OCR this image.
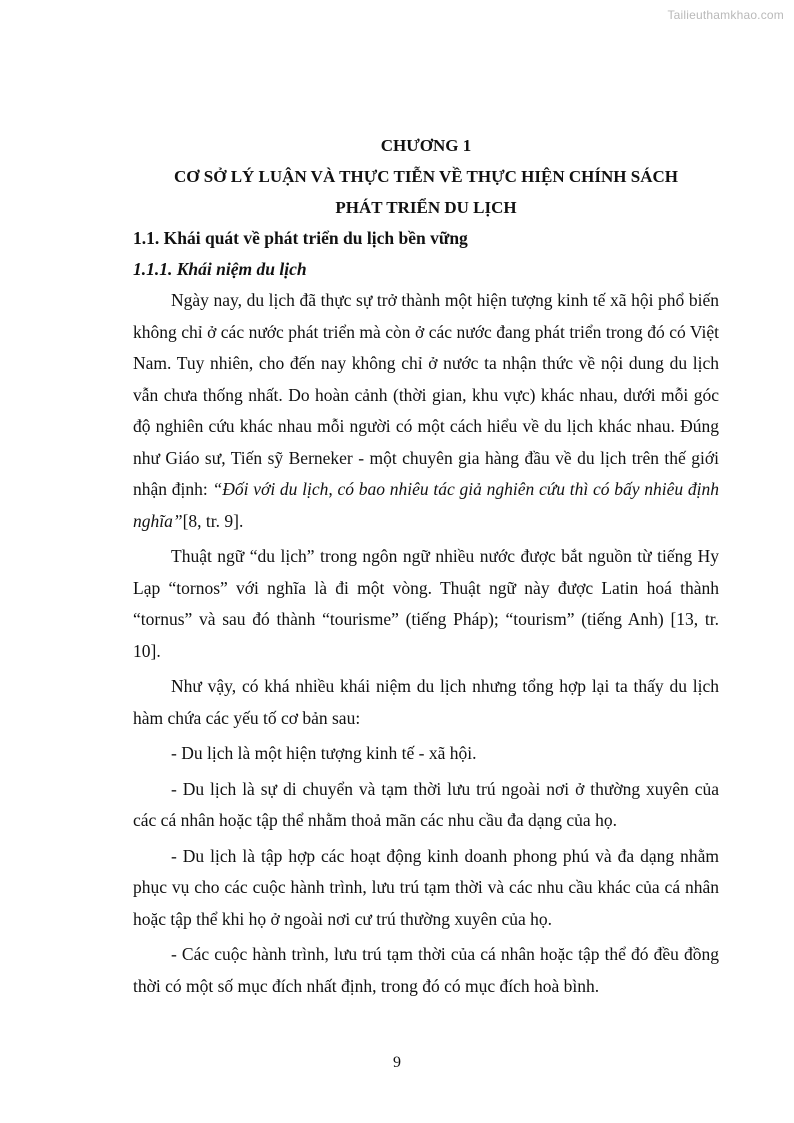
Tailieuthamkhao.com
CHƯƠNG 1
CƠ SỞ LÝ LUẬN VÀ THỰC TIỄN VỀ THỰC HIỆN CHÍNH SÁCH
PHÁT TRIỂN DU LỊCH
1.1. Khái quát về phát triển du lịch bền vững
1.1.1. Khái niệm du lịch

Ngày nay, du lịch đã thực sự trở thành một hiện tượng kinh tế xã hội phổ biến không chỉ ở các nước phát triển mà còn ở các nước đang phát triển trong đó có Việt Nam. Tuy nhiên, cho đến nay không chỉ ở nước ta nhận thức về nội dung du lịch vẫn chưa thống nhất. Do hoàn cảnh (thời gian, khu vực) khác nhau, dưới mỗi góc độ nghiên cứu khác nhau mỗi người có một cách hiểu về du lịch khác nhau. Đúng như Giáo sư, Tiến sỹ Berneker - một chuyên gia hàng đầu về du lịch trên thế giới nhận định: “Đối với du lịch, có bao nhiêu tác giả nghiên cứu thì có bấy nhiêu định nghĩa”[8, tr. 9].

Thuật ngữ “du lịch” trong ngôn ngữ nhiều nước được bắt nguồn từ tiếng Hy Lạp “tornos” với nghĩa là đi một vòng. Thuật ngữ này được Latin hoá thành “tornus” và sau đó thành “tourisme” (tiếng Pháp); “tourism” (tiếng Anh) [13, tr. 10].

Như vậy, có khá nhiều khái niệm du lịch nhưng tổng hợp lại ta thấy du lịch hàm chứa các yếu tố cơ bản sau:

- Du lịch là một hiện tượng kinh tế - xã hội.

- Du lịch là sự di chuyển và tạm thời lưu trú ngoài nơi ở thường xuyên của các cá nhân hoặc tập thể nhằm thoả mãn các nhu cầu đa dạng của họ.

- Du lịch là tập hợp các hoạt động kinh doanh phong phú và đa dạng nhằm phục vụ cho các cuộc hành trình, lưu trú tạm thời và các nhu cầu khác của cá nhân hoặc tập thể khi họ ở ngoài nơi cư trú thường xuyên của họ.

- Các cuộc hành trình, lưu trú tạm thời của cá nhân hoặc tập thể đó đều đồng thời có một số mục đích nhất định, trong đó có mục đích hoà bình.

9
